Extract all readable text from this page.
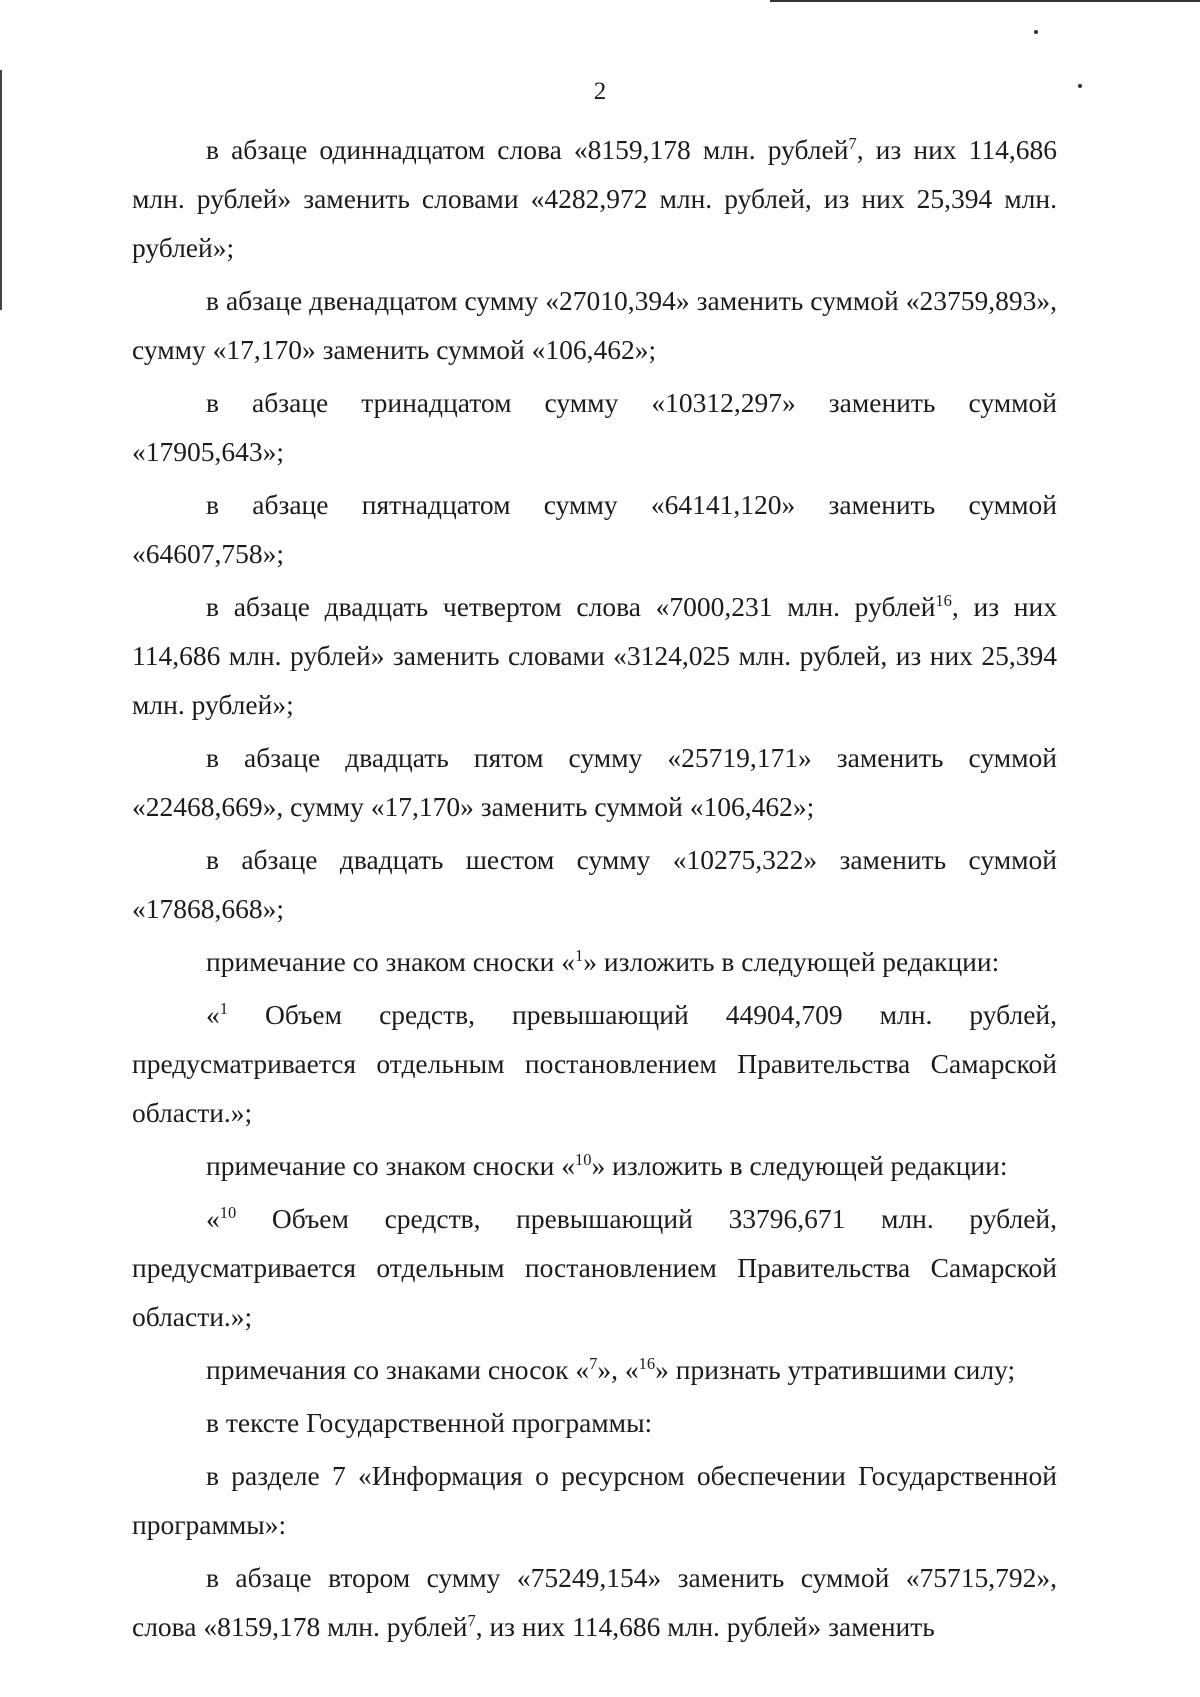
2

в абзаце одиннадцатом слова «8159,178 млн. рублей$^7$, из них 114,686 млн. рублей» заменить словами «4282,972 млн. рублей, из них 25,394 млн. рублей»;

в абзаце двенадцатом сумму «27010,394» заменить суммой «23759,893», сумму «17,170» заменить суммой «106,462»;

в абзаце тринадцатом сумму «10312,297» заменить суммой «17905,643»;

в абзаце пятнадцатом сумму «64141,120» заменить суммой «64607,758»;

в абзаце двадцать четвертом слова «7000,231 млн. рублей$^{16}$, из них 114,686 млн. рублей» заменить словами «3124,025 млн. рублей, из них 25,394 млн. рублей»;

в абзаце двадцать пятом сумму «25719,171» заменить суммой «22468,669», сумму «17,170» заменить суммой «106,462»;

в абзаце двадцать шестом сумму «10275,322» заменить суммой «17868,668»;

примечание со знаком сноски «$^1$» изложить в следующей редакции:

«$^1$ Объем средств, превышающий 44904,709 млн. рублей, предусматривается отдельным постановлением Правительства Самарской области.»;

примечание со знаком сноски «$^{10}$» изложить в следующей редакции:

«$^{10}$ Объем средств, превышающий 33796,671 млн. рублей, предусматривается отдельным постановлением Правительства Самарской области.»;

примечания со знаками сносок «$^7$», «$^{16}$» признать утратившими силу;

в тексте Государственной программы:

в разделе 7 «Информация о ресурсном обеспечении Государственной программы»:

в абзаце втором сумму «75249,154» заменить суммой «75715,792», слова «8159,178 млн. рублей$^7$, из них 114,686 млн. рублей» заменить
